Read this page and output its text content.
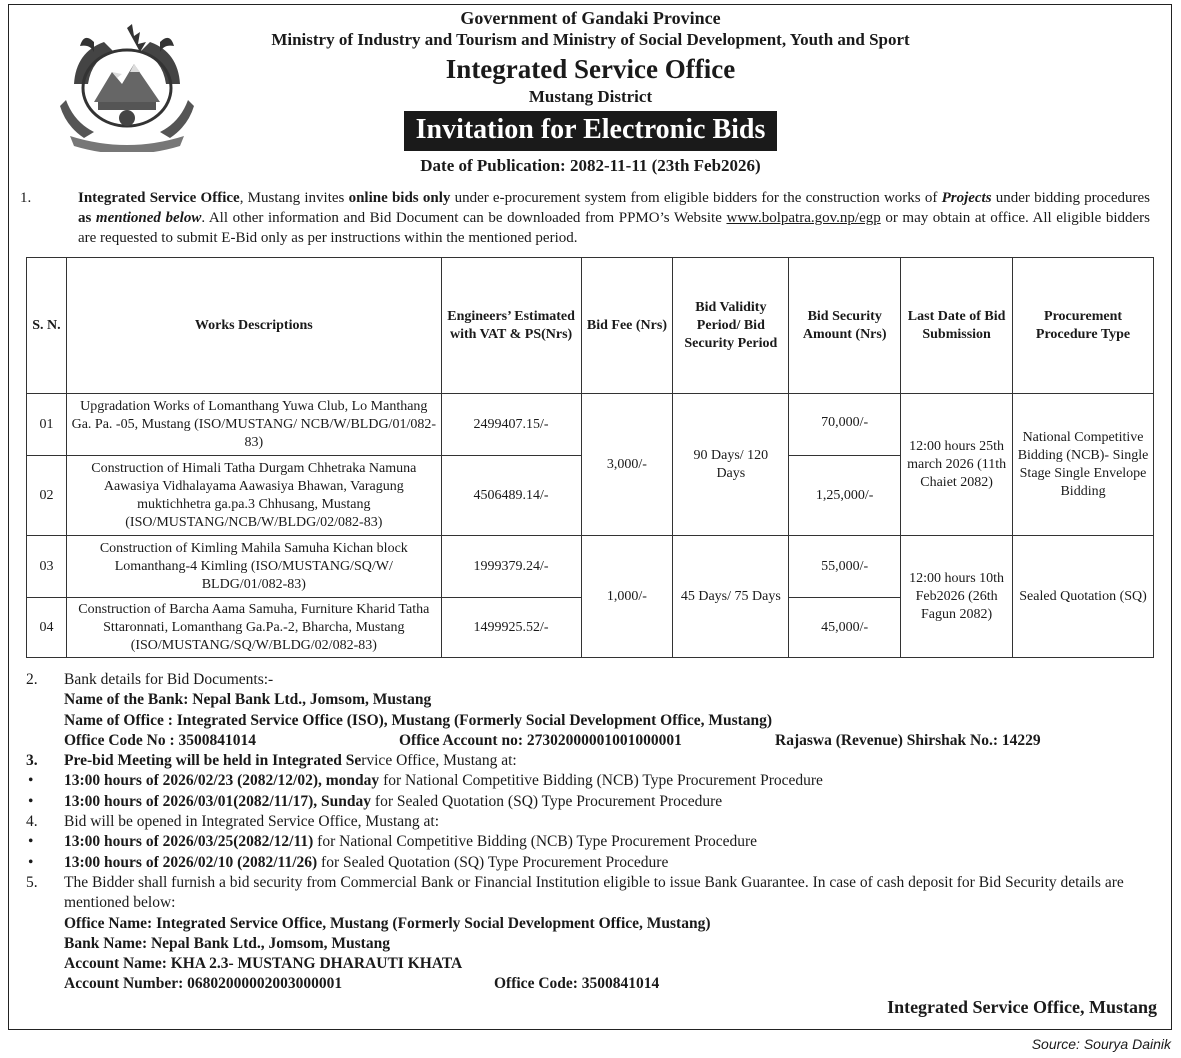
Government of Gandaki Province
Ministry of Industry and Tourism and Ministry of Social Development, Youth and Sport
Integrated Service Office
Mustang District
Invitation for Electronic Bids
Date of Publication: 2082-11-11 (23th Feb2026)
1.	Integrated Service Office, Mustang invites online bids only under e-procurement system from eligible bidders for the construction works of Projects under bidding procedures as mentioned below. All other information and Bid Document can be downloaded from PPMO’s Website www.bolpatra.gov.np/egp or may obtain at office. All eligible bidders are requested to submit E-Bid only as per instructions within the mentioned period.
S. N.	Works Descriptions	Engineers’ Estimated with VAT & PS(Nrs)	Bid Fee (Nrs)	Bid Validity Period/ Bid Security Period	Bid Security Amount (Nrs)	Last Date of Bid Submission	Procurement Procedure Type
01	Upgradation Works of Lomanthang Yuwa Club, Lo Manthang Ga. Pa. -05, Mustang (ISO/MUSTANG/ NCB/W/BLDG/01/082-83)	2499407.15/-	3,000/-	90 Days/ 120 Days	70,000/-	12:00 hours 25th march 2026 (11th Chaiet 2082)	National Competitive Bidding (NCB)- Single Stage Single Envelope Bidding
02	Construction of Himali Tatha Durgam Chhetraka Namuna Aawasiya Vidhalayama Aawasiya Bhawan, Varagung muktichhetra ga.pa.3 Chhusang, Mustang (ISO/MUSTANG/NCB/W/BLDG/02/082-83)	4506489.14/-			1,25,000/-		
03	Construction of Kimling Mahila Samuha Kichan block Lomanthang-4 Kimling (ISO/MUSTANG/SQ/W/ BLDG/01/082-83)	1999379.24/-	1,000/-	45 Days/ 75 Days	55,000/-	12:00 hours 10th Feb2026 (26th Fagun 2082)	Sealed Quotation (SQ)
04	Construction of Barcha Aama Samuha, Furniture Kharid Tatha Sttaronnati, Lomanthang Ga.Pa.-2, Bharcha, Mustang (ISO/MUSTANG/SQ/W/BLDG/02/082-83)	1499925.52/-			45,000/-		
2. Bank details for Bid Documents:-
Name of the Bank: Nepal Bank Ltd., Jomsom, Mustang
Name of Office : Integrated Service Office (ISO), Mustang (Formerly Social Development Office, Mustang)
Office Code No : 3500841014	Office Account no: 27302000001001000001	Rajaswa (Revenue) Shirshak No.: 14229
3. Pre-bid Meeting will be held in Integrated Service Office, Mustang at:
• 13:00 hours of 2026/02/23 (2082/12/02), monday for National Competitive Bidding (NCB) Type Procurement Procedure
• 13:00 hours of 2026/03/01(2082/11/17), Sunday for Sealed Quotation (SQ) Type Procurement Procedure
4. Bid will be opened in Integrated Service Office, Mustang at:
• 13:00 hours of 2026/03/25(2082/12/11) for National Competitive Bidding (NCB) Type Procurement Procedure
• 13:00 hours of 2026/02/10 (2082/11/26) for Sealed Quotation (SQ) Type Procurement Procedure
5. The Bidder shall furnish a bid security from Commercial Bank or Financial Institution eligible to issue Bank Guarantee. In case of cash deposit for Bid Security details are mentioned below:
Office Name: Integrated Service Office, Mustang (Formerly Social Development Office, Mustang)
Bank Name: Nepal Bank Ltd., Jomsom, Mustang
Account Name: KHA 2.3- MUSTANG DHARAUTI KHATA
Account Number: 06802000002003000001	Office Code: 3500841014
Integrated Service Office, Mustang
Source: Sourya Dainik
